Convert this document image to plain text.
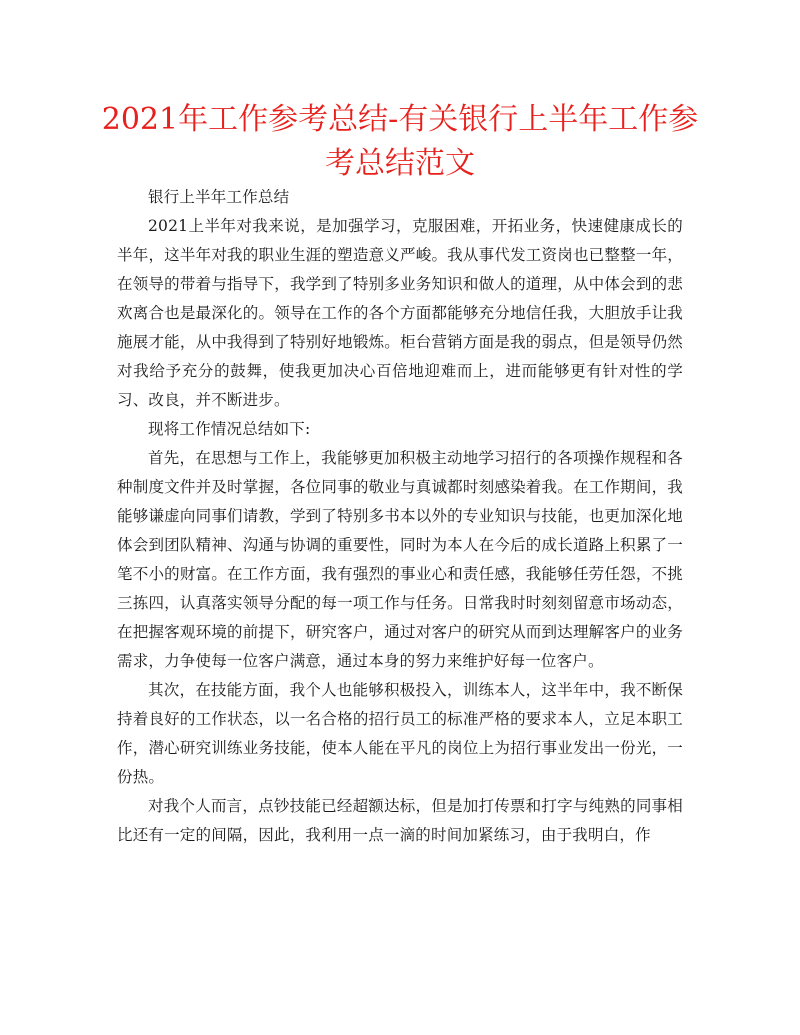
2021年工作参考总结-有关银行上半年工作参考总结范文

银行上半年工作总结

2021上半年对我来说，是加强学习，克服困难，开拓业务，快速健康成长的半年，这半年对我的职业生涯的塑造意义严峻。我从事代发工资岗也已整整一年，在领导的带着与指导下，我学到了特别多业务知识和做人的道理，从中体会到的悲欢离合也是最深化的。领导在工作的各个方面都能够充分地信任我，大胆放手让我施展才能，从中我得到了特别好地锻炼。柜台营销方面是我的弱点，但是领导仍然对我给予充分的鼓舞，使我更加决心百倍地迎难而上，进而能够更有针对性的学习、改良，并不断进步。

现将工作情况总结如下:

首先，在思想与工作上，我能够更加积极主动地学习招行的各项操作规程和各种制度文件并及时掌握，各位同事的敬业与真诚都时刻感染着我。在工作期间，我能够谦虚向同事们请教，学到了特别多书本以外的专业知识与技能，也更加深化地体会到团队精神、沟通与协调的重要性，同时为本人在今后的成长道路上积累了一笔不小的财富。在工作方面，我有强烈的事业心和责任感，我能够任劳任怨，不挑三拣四，认真落实领导分配的每一项工作与任务。日常我时时刻刻留意市场动态，在把握客观环境的前提下，研究客户，通过对客户的研究从而到达理解客户的业务需求，力争使每一位客户满意，通过本身的努力来维护好每一位客户。

其次，在技能方面，我个人也能够积极投入，训练本人，这半年中，我不断保持着良好的工作状态，以一名合格的招行员工的标准严格的要求本人，立足本职工作，潜心研究训练业务技能，使本人能在平凡的岗位上为招行事业发出一份光，一份热。

对我个人而言，点钞技能已经超额达标，但是加打传票和打字与纯熟的同事相比还有一定的间隔，因此，我利用一点一滴的时间加紧练习，由于我明白，作
